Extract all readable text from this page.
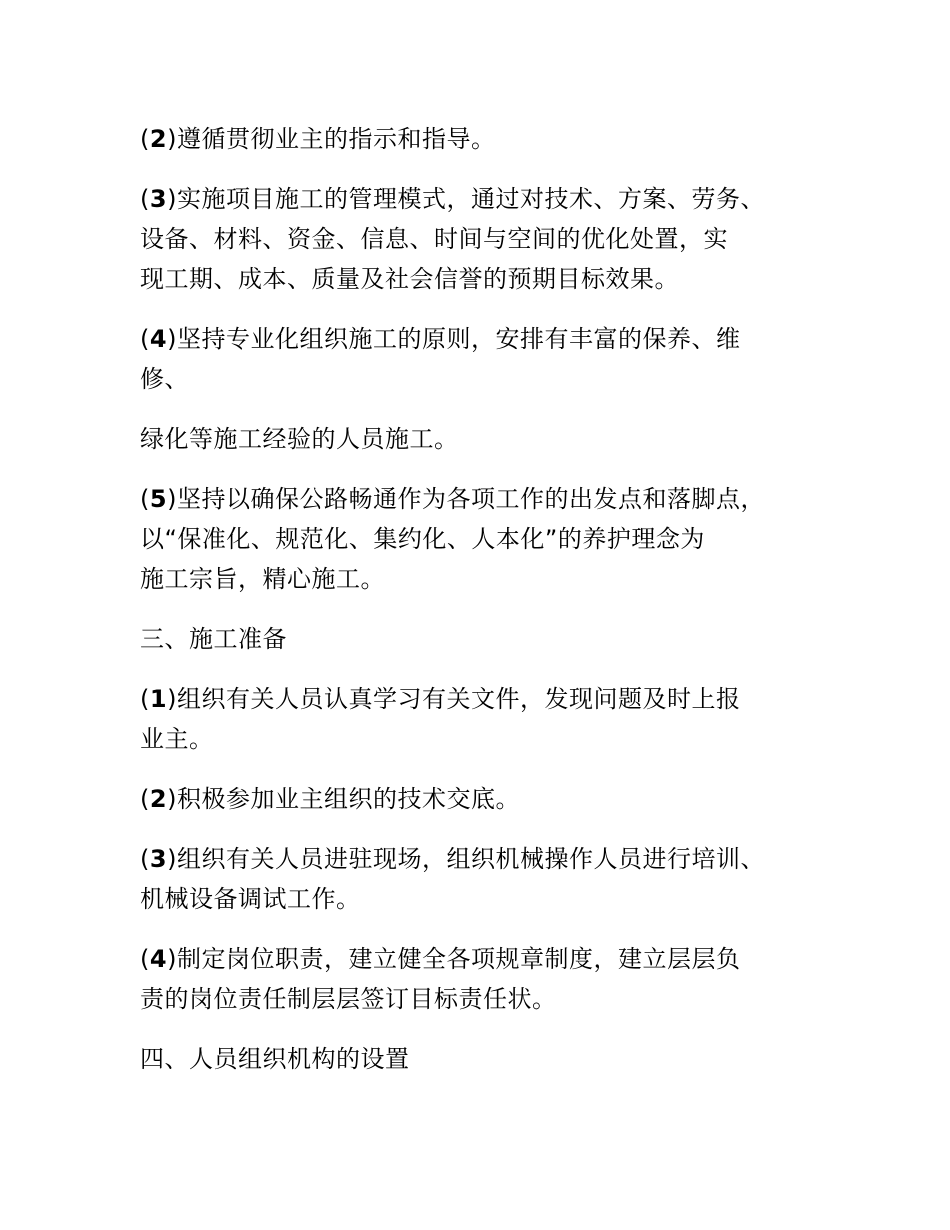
(2)遵循贯彻业主的指示和指导。
(3)实施项目施工的管理模式，通过对技术、方案、劳务、
设备、材料、资金、信息、时间与空间的优化处置，实
现工期、成本、质量及社会信誉的预期目标效果。
(4)坚持专业化组织施工的原则，安排有丰富的保养、维
修、
绿化等施工经验的人员施工。
(5)坚持以确保公路畅通作为各项工作的出发点和落脚点，
以“保准化、规范化、集约化、人本化”的养护理念为
施工宗旨，精心施工。
三、施工准备
(1)组织有关人员认真学习有关文件，发现问题及时上报
业主。
(2)积极参加业主组织的技术交底。
(3)组织有关人员进驻现场，组织机械操作人员进行培训、
机械设备调试工作。
(4)制定岗位职责，建立健全各项规章制度，建立层层负
责的岗位责任制层层签订目标责任状。
四、人员组织机构的设置
